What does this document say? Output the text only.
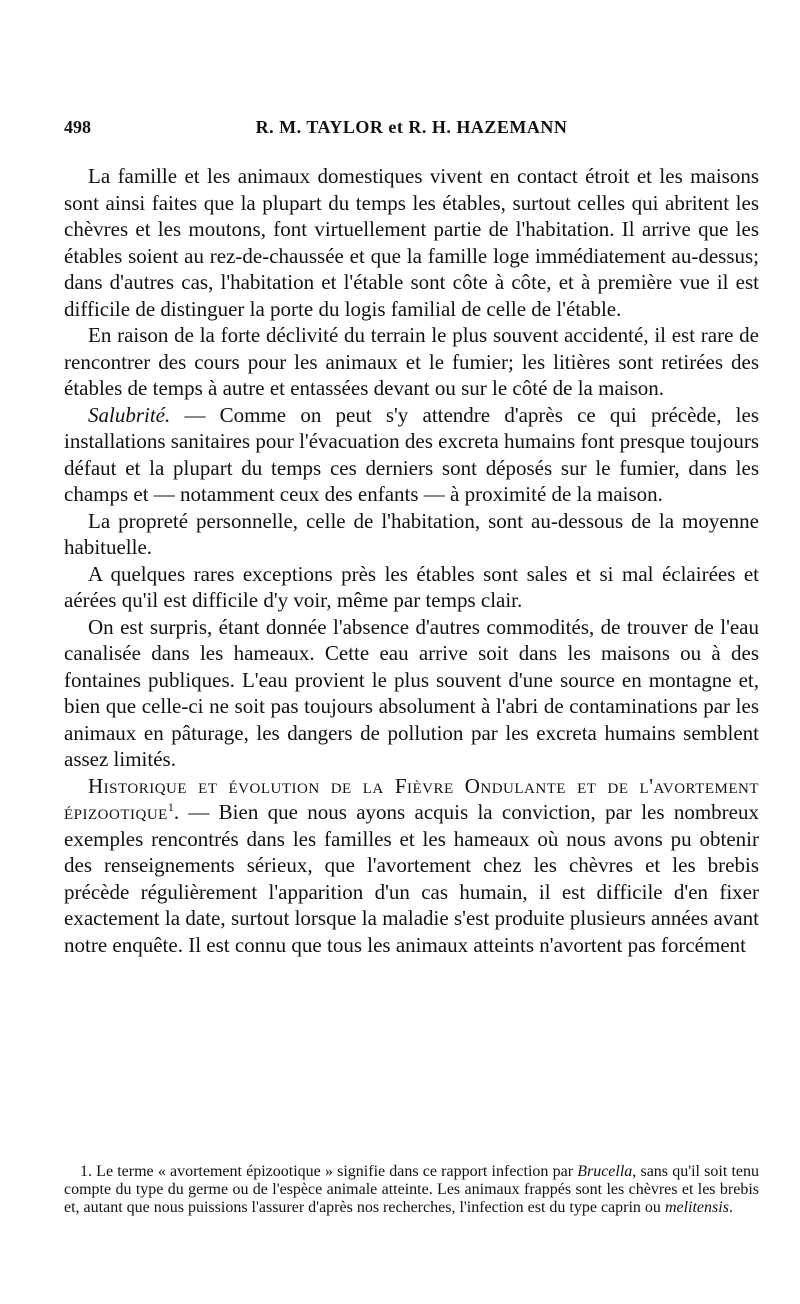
498	R. M. TAYLOR et R. H. HAZEMANN

La famille et les animaux domestiques vivent en contact étroit et les maisons sont ainsi faites que la plupart du temps les étables, surtout celles qui abritent les chèvres et les moutons, font virtuellement partie de l'habitation. Il arrive que les étables soient au rez-de-chaussée et que la famille loge immédiatement au-dessus; dans d'autres cas, l'habitation et l'étable sont côte à côte, et à première vue il est difficile de distinguer la porte du logis familial de celle de l'étable.

En raison de la forte déclivité du terrain le plus souvent accidenté, il est rare de rencontrer des cours pour les animaux et le fumier; les litières sont retirées des étables de temps à autre et entassées devant ou sur le côté de la maison.

Salubrité. — Comme on peut s'y attendre d'après ce qui précède, les installations sanitaires pour l'évacuation des excreta humains font presque toujours défaut et la plupart du temps ces derniers sont déposés sur le fumier, dans les champs et — notamment ceux des enfants — à proximité de la maison.

La propreté personnelle, celle de l'habitation, sont au-dessous de la moyenne habituelle.

A quelques rares exceptions près les étables sont sales et si mal éclairées et aérées qu'il est difficile d'y voir, même par temps clair.

On est surpris, étant donnée l'absence d'autres commodités, de trouver de l'eau canalisée dans les hameaux. Cette eau arrive soit dans les maisons ou à des fontaines publiques. L'eau provient le plus souvent d'une source en montagne et, bien que celle-ci ne soit pas toujours absolument à l'abri de contaminations par les animaux en pâturage, les dangers de pollution par les excreta humains semblent assez limités.

Historique et évolution de la Fièvre Ondulante et de l'avortement épizootique$^1$. — Bien que nous ayons acquis la conviction, par les nombreux exemples rencontrés dans les familles et les hameaux où nous avons pu obtenir des renseignements sérieux, que l'avortement chez les chèvres et les brebis précède régulièrement l'apparition d'un cas humain, il est difficile d'en fixer exactement la date, surtout lorsque la maladie s'est produite plusieurs années avant notre enquête. Il est connu que tous les animaux atteints n'avortent pas forcément

1. Le terme « avortement épizootique » signifie dans ce rapport infection par Brucella, sans qu'il soit tenu compte du type du germe ou de l'espèce animale atteinte. Les animaux frappés sont les chèvres et les brebis et, autant que nous puissions l'assurer d'après nos recherches, l'infection est du type caprin ou melitensis.
